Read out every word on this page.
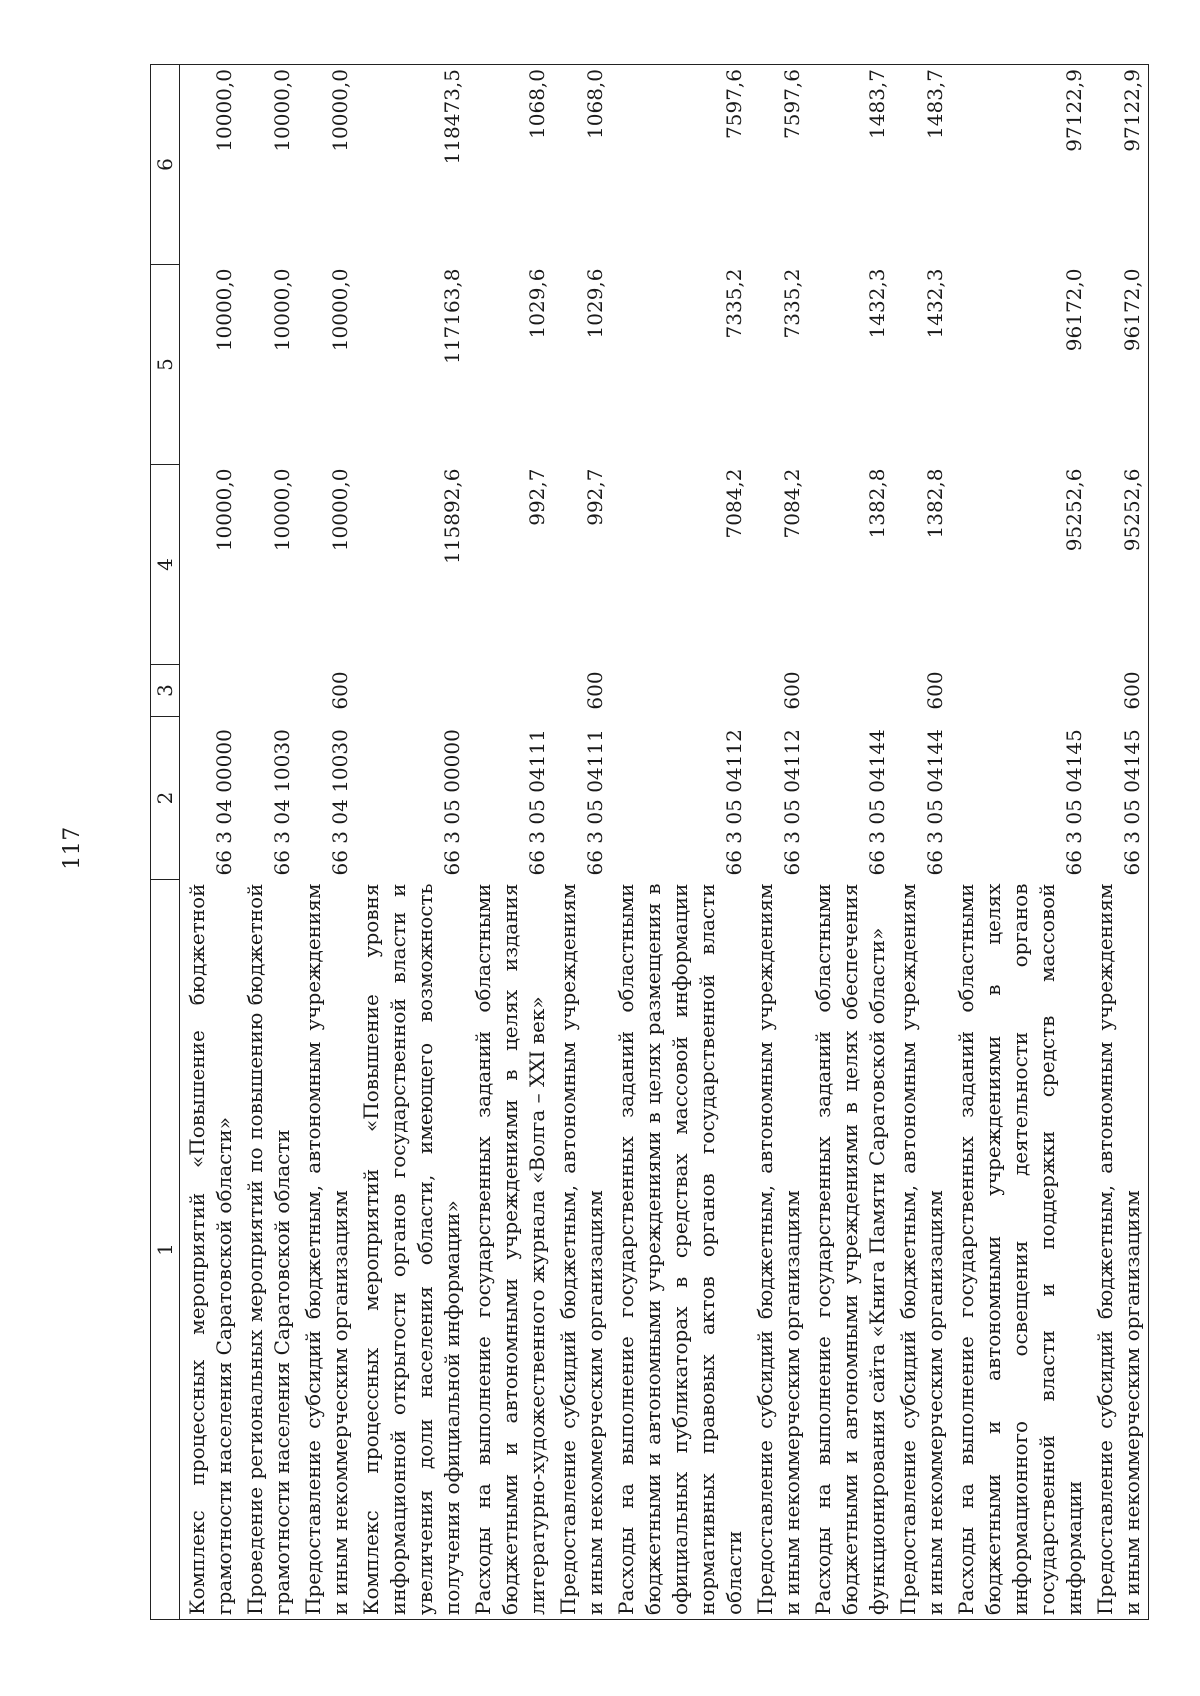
117
1	2	3	4	5	6
Комплекс процессных мероприятий «Повышение бюджетной грамотности населения Саратовской области»	66 3 04 00000		10000,0	10000,0	10000,0
Проведение региональных мероприятий по повышению бюджетной грамотности населения Саратовской области	66 3 04 10030		10000,0	10000,0	10000,0
Предоставление субсидий бюджетным, автономным учреждениям и иным некоммерческим организациям	66 3 04 10030	600	10000,0	10000,0	10000,0
Комплекс процессных мероприятий «Повышение уровня информационной открытости органов государственной власти и увеличения доли населения области, имеющего возможность получения официальной информации»	66 3 05 00000		115892,6	117163,8	118473,5
Расходы на выполнение государственных заданий областными бюджетными и автономными учреждениями в целях издания литературно-художественного журнала «Волга – XXI век»	66 3 05 04111		992,7	1029,6	1068,0
Предоставление субсидий бюджетным, автономным учреждениям и иным некоммерческим организациям	66 3 05 04111	600	992,7	1029,6	1068,0
Расходы на выполнение государственных заданий областными бюджетными и автономными учреждениями в целях размещения в официальных публикаторах в средствах массовой информации нормативных правовых актов органов государственной власти области	66 3 05 04112		7084,2	7335,2	7597,6
Предоставление субсидий бюджетным, автономным учреждениям и иным некоммерческим организациям	66 3 05 04112	600	7084,2	7335,2	7597,6
Расходы на выполнение государственных заданий областными бюджетными и автономными учреждениями в целях обеспечения функционирования сайта «Книга Памяти Саратовской области»	66 3 05 04144		1382,8	1432,3	1483,7
Предоставление субсидий бюджетным, автономным учреждениям и иным некоммерческим организациям	66 3 05 04144	600	1382,8	1432,3	1483,7
Расходы на выполнение государственных заданий областными бюджетными и автономными учреждениями в целях информационного освещения деятельности органов государственной власти и поддержки средств массовой информации	66 3 05 04145		95252,6	96172,0	97122,9
Предоставление субсидий бюджетным, автономным учреждениям и иным некоммерческим организациям	66 3 05 04145	600	95252,6	96172,0	97122,9
